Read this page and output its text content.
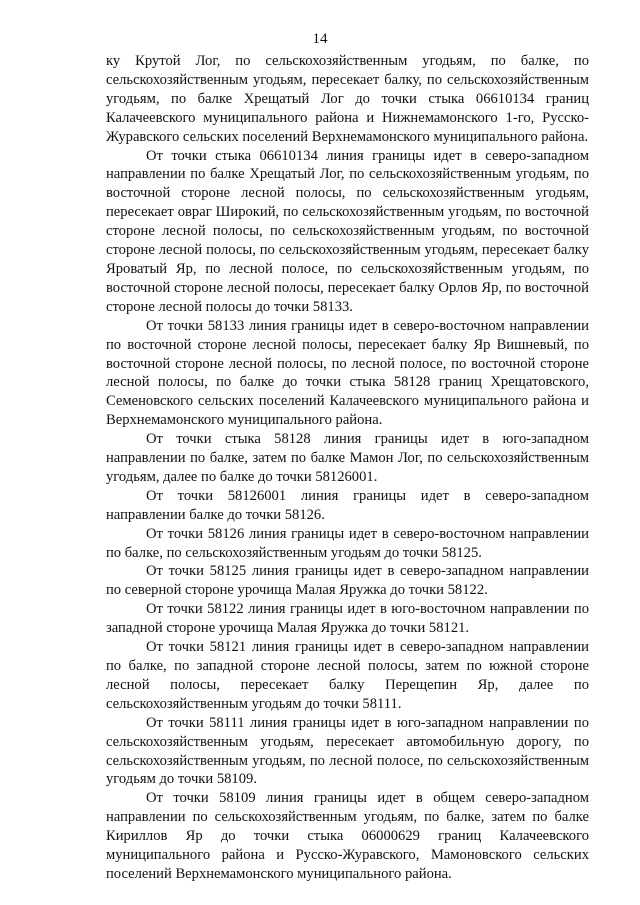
14

ку Крутой Лог, по сельскохозяйственным угодьям, по балке, по сельскохозяйственным угодьям, пересекает балку, по сельскохозяйственным угодьям, по балке Хрещатый Лог до точки стыка 06610134 границ Калачеевского муниципального района и Нижнемамонского 1-го, Русско-Журавского сельских поселений Верхнемамонского муниципального района.

От точки стыка 06610134 линия границы идет в северо-западном направлении по балке Хрещатый Лог, по сельскохозяйственным угодьям, по восточной стороне лесной полосы, по сельскохозяйственным угодьям, пересекает овраг Широкий, по сельскохозяйственным угодьям, по восточной стороне лесной полосы, по сельскохозяйственным угодьям, по восточной стороне лесной полосы, по сельскохозяйственным угодьям, пересекает балку Яроватый Яр, по лесной полосе, по сельскохозяйственным угодьям, по восточной стороне лесной полосы, пересекает балку Орлов Яр, по восточной стороне лесной полосы до точки 58133.

От точки 58133 линия границы идет в северо-восточном направлении по восточной стороне лесной полосы, пересекает балку Яр Вишневый, по восточной стороне лесной полосы, по лесной полосе, по восточной стороне лесной полосы, по балке до точки стыка 58128 границ Хрещатовского, Семеновского сельских поселений Калачеевского муниципального района и Верхнемамонского муниципального района.

От точки стыка 58128 линия границы идет в юго-западном направлении по балке, затем по балке Мамон Лог, по сельскохозяйственным угодьям, далее по балке до точки 58126001.

От точки 58126001 линия границы идет в северо-западном направлении балке до точки 58126.

От точки 58126 линия границы идет в северо-восточном направлении по балке, по сельскохозяйственным угодьям до точки 58125.

От точки 58125 линия границы идет в северо-западном направлении по северной стороне урочища Малая Яружка до точки 58122.

От точки 58122 линия границы идет в юго-восточном направлении по западной стороне урочища Малая Яружка до точки 58121.

От точки 58121 линия границы идет в северо-западном направлении по балке, по западной стороне лесной полосы, затем по южной стороне лесной полосы, пересекает балку Перещепин Яр, далее по сельскохозяйственным угодьям до точки 58111.

От точки 58111 линия границы идет в юго-западном направлении по сельскохозяйственным угодьям, пересекает автомобильную дорогу, по сельскохозяйственным угодьям, по лесной полосе, по сельскохозяйственным угодьям до точки 58109.

От точки 58109 линия границы идет в общем северо-западном направлении по сельскохозяйственным угодьям, по балке, затем по балке Кириллов Яр до точки стыка 06000629 границ Калачеевского муниципального района и Русско-Журавского, Мамоновского сельских поселений Верхнемамонского муниципального района.
